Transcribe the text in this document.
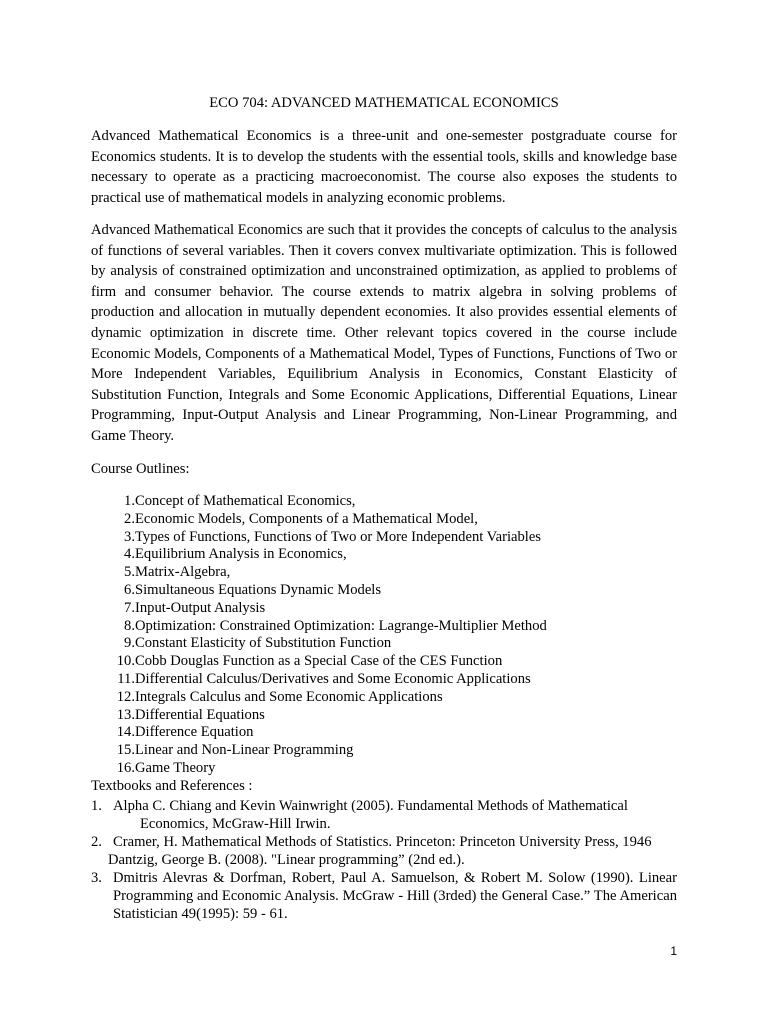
ECO 704: ADVANCED MATHEMATICAL ECONOMICS

Advanced Mathematical Economics is a three-unit and one-semester postgraduate course for Economics students. It is to develop the students with the essential tools, skills and knowledge base necessary to operate as a practicing macroeconomist. The course also exposes the students to practical use of mathematical models in analyzing economic problems.

Advanced Mathematical Economics are such that it provides the concepts of calculus to the analysis of functions of several variables. Then it covers convex multivariate optimization. This is followed by analysis of constrained optimization and unconstrained optimization, as applied to problems of firm and consumer behavior. The course extends to matrix algebra in solving problems of production and allocation in mutually dependent economies. It also provides essential elements of dynamic optimization in discrete time. Other relevant topics covered in the course include Economic Models, Components of a Mathematical Model, Types of Functions, Functions of Two or More Independent Variables, Equilibrium Analysis in Economics, Constant Elasticity of Substitution Function, Integrals and Some Economic Applications, Differential Equations, Linear Programming, Input-Output Analysis and Linear Programming, Non-Linear Programming, and Game Theory.

Course Outlines:

1. Concept of Mathematical Economics,
2. Economic Models, Components of a Mathematical Model,
3. Types of Functions, Functions of Two or More Independent Variables
4. Equilibrium Analysis in Economics,
5. Matrix-Algebra,
6. Simultaneous Equations Dynamic Models
7. Input-Output Analysis
8. Optimization: Constrained Optimization: Lagrange-Multiplier Method
9. Constant Elasticity of Substitution Function
10. Cobb Douglas Function as a Special Case of the CES Function
11. Differential Calculus/Derivatives and Some Economic Applications
12. Integrals Calculus and Some Economic Applications
13. Differential Equations
14. Difference Equation
15. Linear and Non-Linear Programming
16. Game Theory

Textbooks and References :

1. Alpha C. Chiang and Kevin Wainwright (2005). Fundamental Methods of Mathematical
Economics, McGraw-Hill Irwin.
2. Cramer, H. Mathematical Methods of Statistics. Princeton: Princeton University Press, 1946
Dantzig, George B. (2008). "Linear programming” (2nd ed.).
3. Dmitris Alevras & Dorfman, Robert, Paul A. Samuelson, & Robert M. Solow (1990). Linear Programming and Economic Analysis. McGraw - Hill (3rded) the General Case.” The American Statistician 49(1995): 59 - 61.

1
